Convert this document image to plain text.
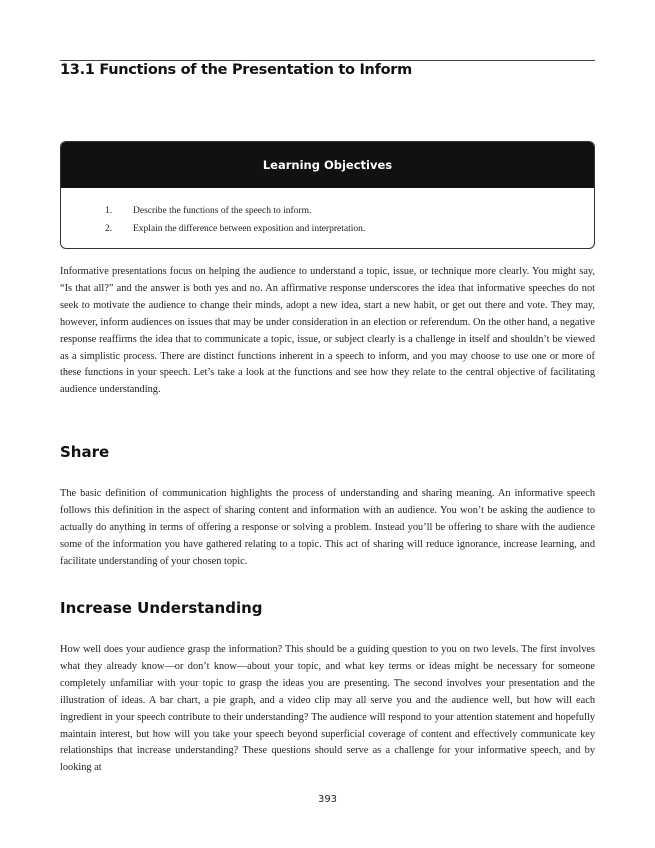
13.1 Functions of the Presentation to Inform
Learning Objectives
1. Describe the functions of the speech to inform.
2. Explain the difference between exposition and interpretation.

Informative presentations focus on helping the audience to understand a topic, issue, or technique more clearly. You might say, “Is that all?” and the answer is both yes and no. An affirmative response underscores the idea that informative speeches do not seek to motivate the audience to change their minds, adopt a new idea, start a new habit, or get out there and vote. They may, however, inform audiences on issues that may be under consideration in an election or referendum. On the other hand, a negative response reaffirms the idea that to communicate a topic, issue, or subject clearly is a challenge in itself and shouldn’t be viewed as a simplistic process. There are distinct functions inherent in a speech to inform, and you may choose to use one or more of these functions in your speech. Let’s take a look at the functions and see how they relate to the central objective of facilitating audience understanding.

Share

The basic definition of communication highlights the process of understanding and sharing meaning. An informative speech follows this definition in the aspect of sharing content and information with an audience. You won’t be asking the audience to actually do anything in terms of offering a response or solving a problem. Instead you’ll be offering to share with the audience some of the information you have gathered relating to a topic. This act of sharing will reduce ignorance, increase learning, and facilitate understanding of your chosen topic.

Increase Understanding

How well does your audience grasp the information? This should be a guiding question to you on two levels. The first involves what they already know—or don’t know—about your topic, and what key terms or ideas might be necessary for someone completely unfamiliar with your topic to grasp the ideas you are presenting. The second involves your presentation and the illustration of ideas. A bar chart, a pie graph, and a video clip may all serve you and the audience well, but how will each ingredient in your speech contribute to their understanding? The audience will respond to your attention statement and hopefully maintain interest, but how will you take your speech beyond superficial coverage of content and effectively communicate key relationships that increase understanding? These questions should serve as a challenge for your informative speech, and by looking at

393
